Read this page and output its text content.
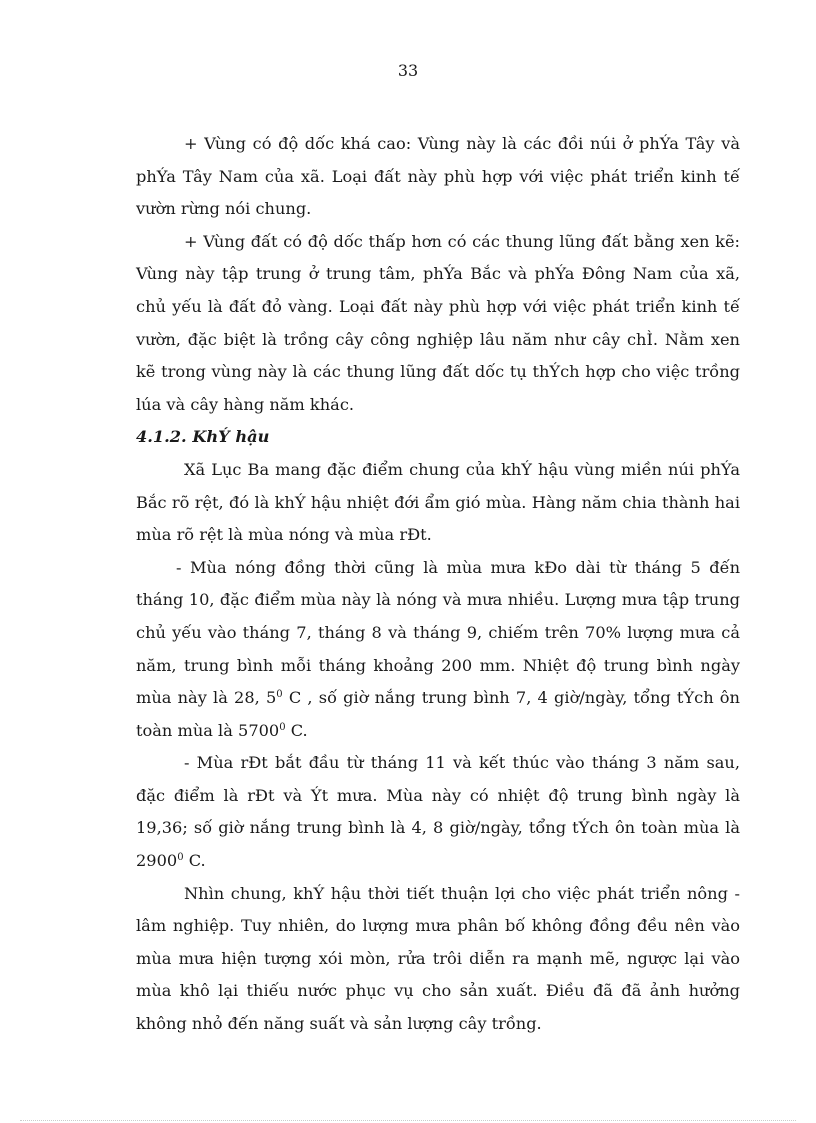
33

+ Vùng có độ dốc khá cao: Vùng này là các đồi núi ở phÝa Tây và phÝa Tây Nam của xã. Loại đất này phù hợp với việc phát triển kinh tế vườn rừng nói chung.

+ Vùng đất có độ dốc thấp hơn có các thung lũng đất bằng xen kẽ: Vùng này tập trung ở trung tâm, phÝa Bắc và phÝa Đông Nam của xã, chủ yếu là đất đỏ vàng. Loại đất này phù hợp với việc phát triển kinh tế vườn, đặc biệt là trồng cây công nghiệp lâu năm như cây chÌ. Nằm xen kẽ trong vùng này là các thung lũng đất dốc tụ thÝch hợp cho việc trồng lúa và cây hàng năm khác.

4.1.2. KhÝ hậu

Xã Lục Ba mang đặc điểm chung của khÝ hậu vùng miền núi phÝa Bắc rõ rệt, đó là khÝ hậu nhiệt đới ẩm gió mùa. Hàng năm chia thành hai mùa rõ rệt là mùa nóng và mùa rÐt.

- Mùa nóng đồng thời cũng là mùa mưa kÐo dài từ tháng 5 đến tháng 10, đặc điểm mùa này là nóng và mưa nhiều. Lượng mưa tập trung chủ yếu vào tháng 7, tháng 8 và tháng 9, chiếm trên 70% lượng mưa cả năm, trung bình mỗi tháng khoảng 200 mm. Nhiệt độ trung bình ngày mùa này là 28, $5^0$ C , số giờ nắng trung bình 7, 4 giờ/ngày, tổng tÝch ôn toàn mùa là 5700$^0$ C.

- Mùa rÐt bắt đầu từ tháng 11 và kết thúc vào tháng 3 năm sau, đặc điểm là rÐt và Ýt mưa. Mùa này có nhiệt độ trung bình ngày là 19,36; số giờ nắng trung bình là 4, 8 giờ/ngày, tổng tÝch ôn toàn mùa là 2900$^0$ C.

Nhìn chung, khÝ hậu thời tiết thuận lợi cho việc phát triển nông - lâm nghiệp. Tuy nhiên, do lượng mưa phân bố không đồng đều nên vào mùa mưa hiện tượng xói mòn, rửa trôi diễn ra mạnh mẽ, ngược lại vào mùa khô lại thiếu nước phục vụ cho sản xuất. Điều đã đã ảnh hưởng không nhỏ đến năng suất và sản lượng cây trồng.
